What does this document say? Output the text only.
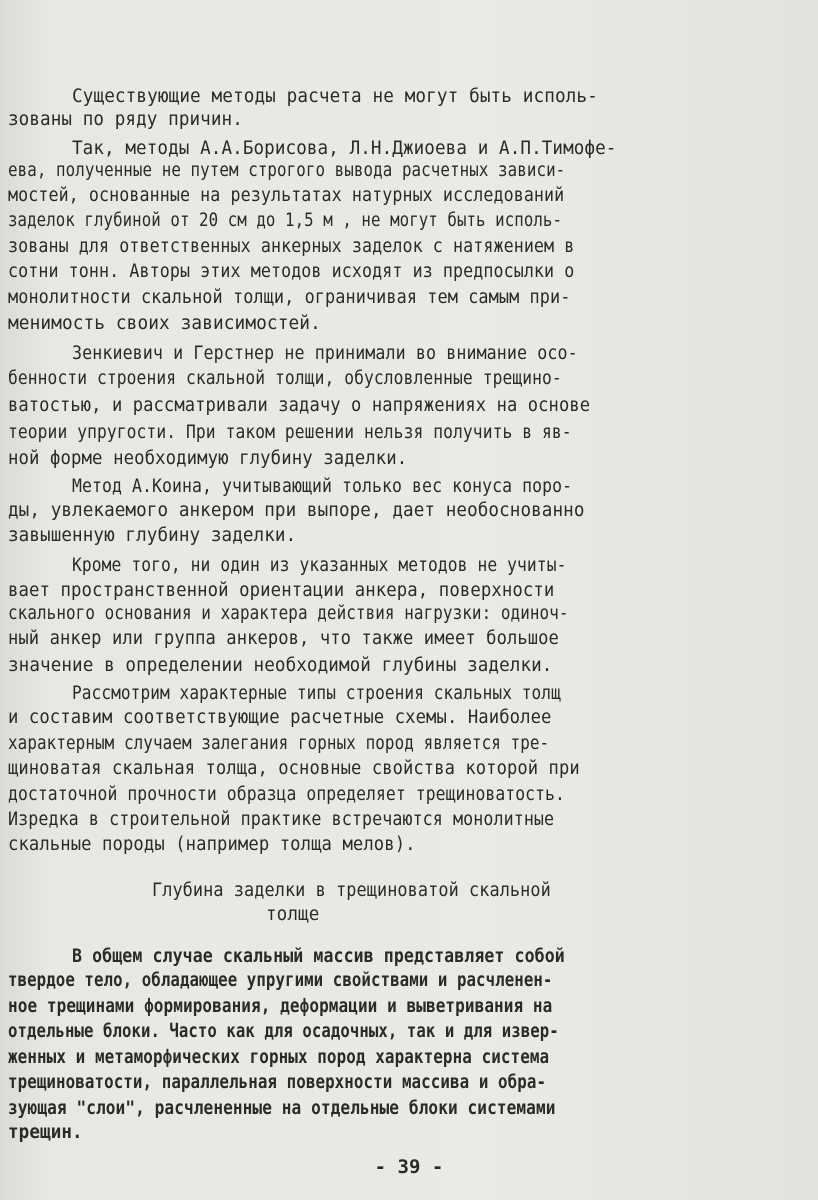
Существующие методы расчета не могут быть исполь-
зованы по ряду причин.
Так, методы А.А.Борисова, Л.Н.Джиоева и А.П.Тимофе-
ева, полученные не путем строгого вывода расчетных зависи-
мостей, основанные на результатах натурных исследований
заделок глубиной от 20 см до 1,5 м , не могут быть исполь-
зованы для ответственных анкерных заделок с натяжением в
сотни тонн. Авторы этих методов исходят из предпосылки о
монолитности скальной толщи, ограничивая тем самым при-
менимость своих зависимостей.
Зенкиевич и Герстнер не принимали во внимание осо-
бенности строения скальной толщи, обусловленные трещино-
ватостью, и рассматривали задачу о напряжениях на основе
теории упругости. При таком решении нельзя получить в яв-
ной форме необходимую глубину заделки.
Метод А.Коина, учитывающий только вес конуса поро-
ды, увлекаемого анкером при выпоре, дает необоснованно
завышенную глубину заделки.
Кроме того, ни один из указанных методов не учиты-
вает пространственной ориентации анкера, поверхности
скального основания и характера действия нагрузки: одиноч-
ный анкер или группа анкеров, что также имеет большое
значение в определении необходимой глубины заделки.
Рассмотрим характерные типы строения скальных толщ
и составим соответствующие расчетные схемы. Наиболее
характерным случаем залегания горных пород является тре-
щиноватая скальная толща, основные свойства которой при
достаточной прочности образца определяет трещиноватость.
Изредка в строительной практике встречаются монолитные
скальные породы (например толща мелов).

Глубина заделки в трещиноватой скальной

толще

В общем случае скальный массив представляет собой
твердое тело, обладающее упругими свойствами и расчленен-
ное трещинами формирования, деформации и выветривания на
отдельные блоки. Часто как для осадочных, так и для извер-
женных и метаморфических горных пород характерна система
трещиноватости, параллельная поверхности массива и обра-
зующая "слои", расчлененные на отдельные блоки системами
трещин.
- 39 -
